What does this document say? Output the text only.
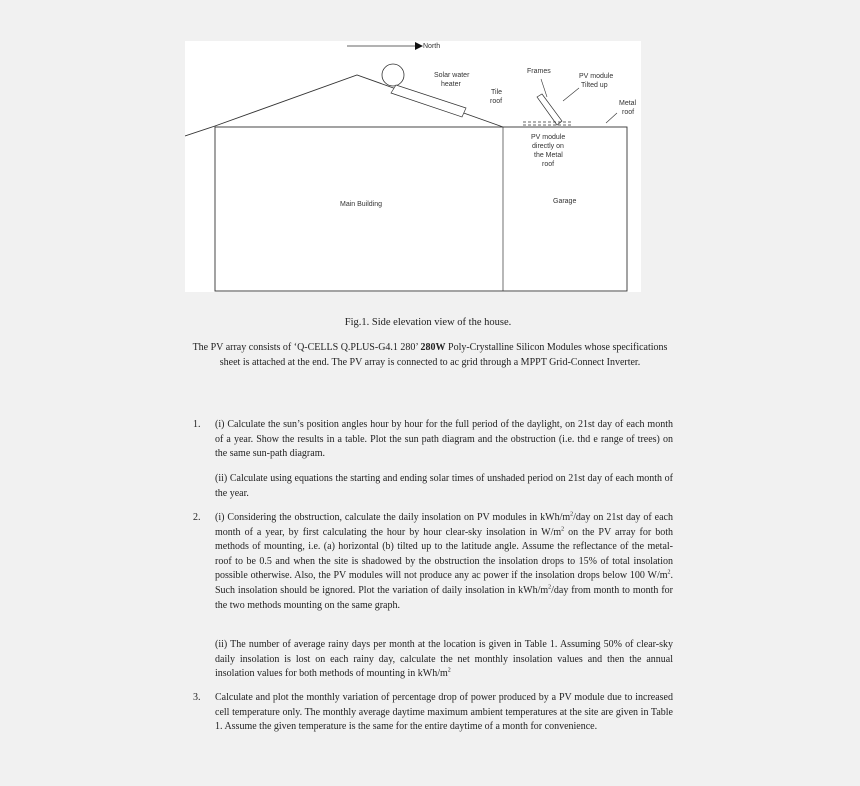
North
Solar water heater
Tile roof
Frames
PV module Tilted up
Metal roof
PV module directly on the Metal roof
Main Building	Garage
Fig.1. Side elevation view of the house.
The PV array consists of ‘Q-CELLS Q.PLUS-G4.1 280’ 280W Poly-Crystalline Silicon Modules whose specifications sheet is attached at the end. The PV array is connected to ac grid through a MPPT Grid-Connect Inverter.
1. (i) Calculate the sun’s position angles hour by hour for the full period of the daylight, on 21st day of each month of a year. Show the results in a table. Plot the sun path diagram and the obstruction (i.e. thd e range of trees) on the same sun-path diagram.
(ii) Calculate using equations the starting and ending solar times of unshaded period on 21st day of each month of the year.
2. (i) Considering the obstruction, calculate the daily insolation on PV modules in kWh/$m^2$/day on 21st day of each month of a year, by first calculating the hour by hour clear-sky insolation in $W/m^2$ on the PV array for both methods of mounting, i.e. (a) horizontal (b) tilted up to the latitude angle. Assume the reflectance of the metal-roof to be 0.5 and when the site is shadowed by the obstruction the insolation drops to 15% of total insolation possible otherwise. Also, the PV modules will not produce any ac power if the insolation drops below 100 $W/m^2$. Such insolation should be ignored. Plot the variation of daily insolation in kWh/$m^2$/day from month to month for the two methods mounting on the same graph.
(ii) The number of average rainy days per month at the location is given in Table 1. Assuming 50% of clear-sky daily insolation is lost on each rainy day, calculate the net monthly insolation values and then the annual insolation values for both methods of mounting in kWh/$m^2$
3. Calculate and plot the monthly variation of percentage drop of power produced by a PV module due to increased cell temperature only. The monthly average daytime maximum ambient temperatures at the site are given in Table 1. Assume the given temperature is the same for the entire daytime of a month for convenience.
